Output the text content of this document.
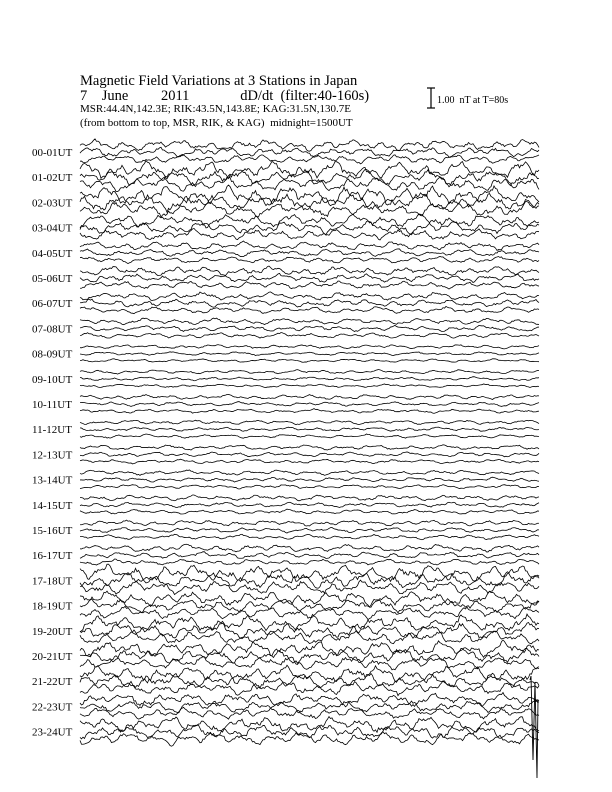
Magnetic Field Variations at 3 Stations in Japan
7 June 2011	dD/dt (filter:40-160s)
MSR:44.4N,142.3E; RIK:43.5N,143.8E; KAG:31.5N,130.7E
(from bottom to top, MSR, RIK, & KAG) midnight=1500UT
1.00  nT at T=80s
00-01UT
01-02UT
02-03UT
03-04UT
04-05UT
05-06UT
06-07UT
07-08UT
08-09UT
09-10UT
10-11UT
11-12UT
12-13UT
13-14UT
14-15UT
15-16UT
16-17UT
17-18UT
18-19UT
19-20UT
20-21UT
21-22UT
22-23UT
23-24UT
